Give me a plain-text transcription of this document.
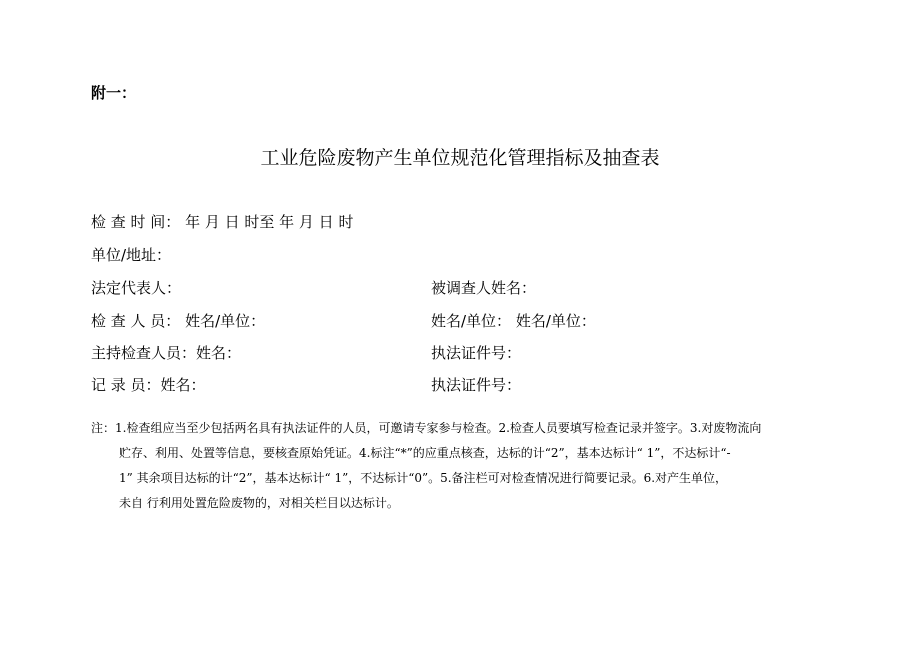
附一：
工业危险废物产生单位规范化管理指标及抽查表
检 查 时 间： 年 月 日 时至 年 月 日 时
单位/地址：
法定代表人：	被调查人姓名：
检 查 人 员： 姓名/单位：	姓名/单位： 姓名/单位：
主持检查人员：姓名：	执法证件号：
记 录 员：姓名：	执法证件号：
注：1.检查组应当至少包括两名具有执法证件的人员，可邀请专家参与检查。2.检查人员要填写检查记录并签字。3.对废物流向
贮存、利用、处置等信息，要核查原始凭证。4.标注“*”的应重点核查，达标的计“2”，基本达标计“ 1”，不达标计“-
1” 其余项目达标的计“2”，基本达标计“ 1”，不达标计“0”。5.备注栏可对检查情况进行简要记录。6.对产生单位，
未自 行利用处置危险废物的，对相关栏目以达标计。
